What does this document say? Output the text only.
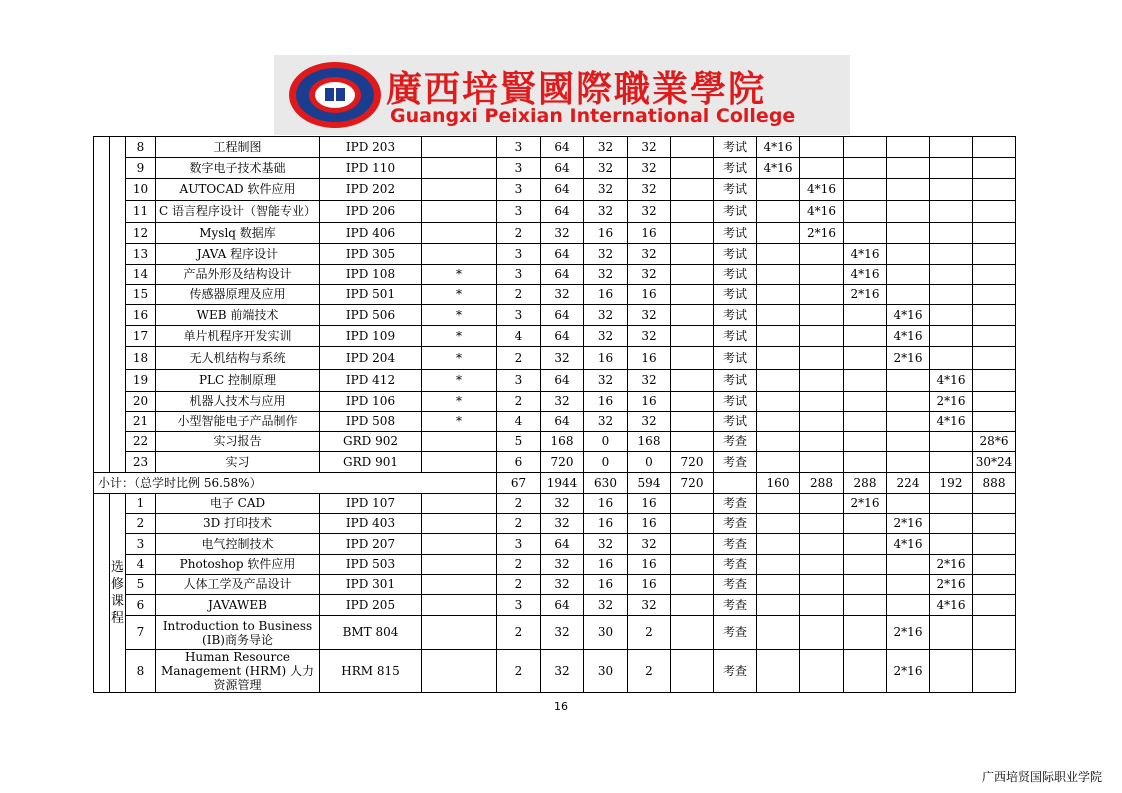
廣西培賢國際職業學院
Guangxi Peixian International College
		8	工程制图	IPD 203		3	64	32	32		考试	4*16					
		9	数字电子技术基础	IPD 110		3	64	32	32		考试	4*16					
		10	AUTOCAD 软件应用	IPD 202		3	64	32	32		考试		4*16				
		11	C 语言程序设计（智能专业）	IPD 206		3	64	32	32		考试		4*16				
		12	Myslq 数据库	IPD 406		2	32	16	16		考试		2*16				
		13	JAVA 程序设计	IPD 305		3	64	32	32		考试			4*16			
		14	产品外形及结构设计	IPD 108	*	3	64	32	32		考试			4*16			
		15	传感器原理及应用	IPD 501	*	2	32	16	16		考试			2*16			
		16	WEB 前端技术	IPD 506	*	3	64	32	32		考试				4*16		
		17	单片机程序开发实训	IPD 109	*	4	64	32	32		考试				4*16		
		18	无人机结构与系统	IPD 204	*	2	32	16	16		考试				2*16		
		19	PLC 控制原理	IPD 412	*	3	64	32	32		考试					4*16	
		20	机器人技术与应用	IPD 106	*	2	32	16	16		考试					2*16	
		21	小型智能电子产品制作	IPD 508	*	4	64	32	32		考试					4*16	
		22	实习报告	GRD 902		5	168	0	168		考查						28*6
		23	实习	GRD 901		6	720	0	0	720	考查						30*24
小计：（总学时比例 56.58%）						67	1944	630	594	720		160	288	288	224	192	888
	选修课程	1	电子 CAD	IPD 107		2	32	16	16		考查			2*16			
		2	3D 打印技术	IPD 403		2	32	16	16		考查				2*16		
		3	电气控制技术	IPD 207		3	64	32	32		考查				4*16		
		4	Photoshop 软件应用	IPD 503		2	32	16	16		考查					2*16	
		5	人体工学及产品设计	IPD 301		2	32	16	16		考查					2*16	
		6	JAVAWEB	IPD 205		3	64	32	32		考查					4*16	
		7	Introduction to Business (IB)商务导论	BMT 804		2	32	30	2		考查				2*16		
		8	Human Resource Management (HRM) 人力资源管理	HRM 815		2	32	30	2		考查				2*16		
16
广西培贤国际职业学院
